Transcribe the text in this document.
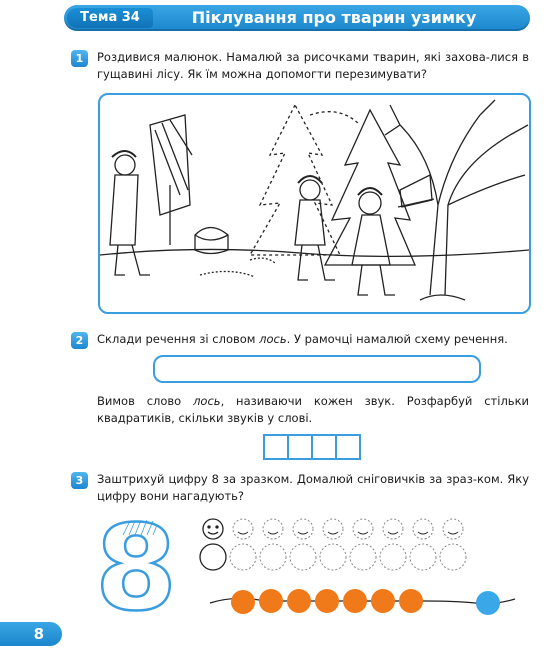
Тема 34	Піклування про тварин узимку
1	Роздивися малюнок. Намалюй за рисочками тварин, які захова-лися в гущавині лісу. Як їм можна допомогти перезимувати?
2	Склади речення зі словом лось. У рамочці намалюй схему речення.
Вимов слово лось, називаючи кожен звук. Розфарбуй стільки квадратиків, скільки звуків у слові.
3	Заштрихуй цифру 8 за зразком. Домалюй сніговичків за зраз-ком. Яку цифру вони нагадують?
8
8
